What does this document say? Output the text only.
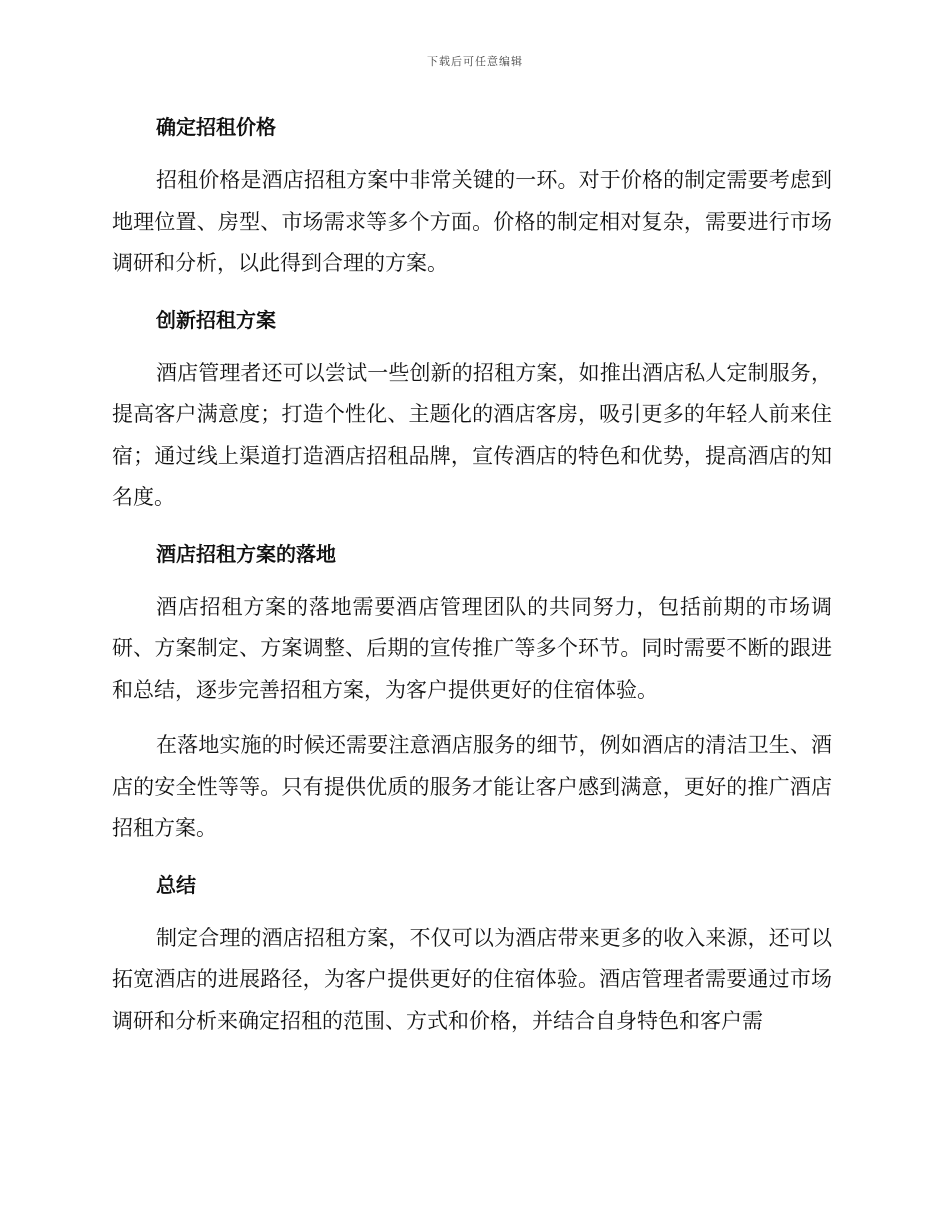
下载后可任意编辑
确定招租价格

招租价格是酒店招租方案中非常关键的一环。对于价格的制定需要考虑到地理位置、房型、市场需求等多个方面。价格的制定相对复杂，需要进行市场调研和分析，以此得到合理的方案。

创新招租方案

酒店管理者还可以尝试一些创新的招租方案，如推出酒店私人定制服务，提高客户满意度；打造个性化、主题化的酒店客房，吸引更多的年轻人前来住宿；通过线上渠道打造酒店招租品牌，宣传酒店的特色和优势，提高酒店的知名度。

酒店招租方案的落地

酒店招租方案的落地需要酒店管理团队的共同努力，包括前期的市场调研、方案制定、方案调整、后期的宣传推广等多个环节。同时需要不断的跟进和总结，逐步完善招租方案，为客户提供更好的住宿体验。

在落地实施的时候还需要注意酒店服务的细节，例如酒店的清洁卫生、酒店的安全性等等。只有提供优质的服务才能让客户感到满意，更好的推广酒店招租方案。

总结

制定合理的酒店招租方案，不仅可以为酒店带来更多的收入来源，还可以拓宽酒店的进展路径，为客户提供更好的住宿体验。酒店管理者需要通过市场调研和分析来确定招租的范围、方式和价格，并结合自身特色和客户需
